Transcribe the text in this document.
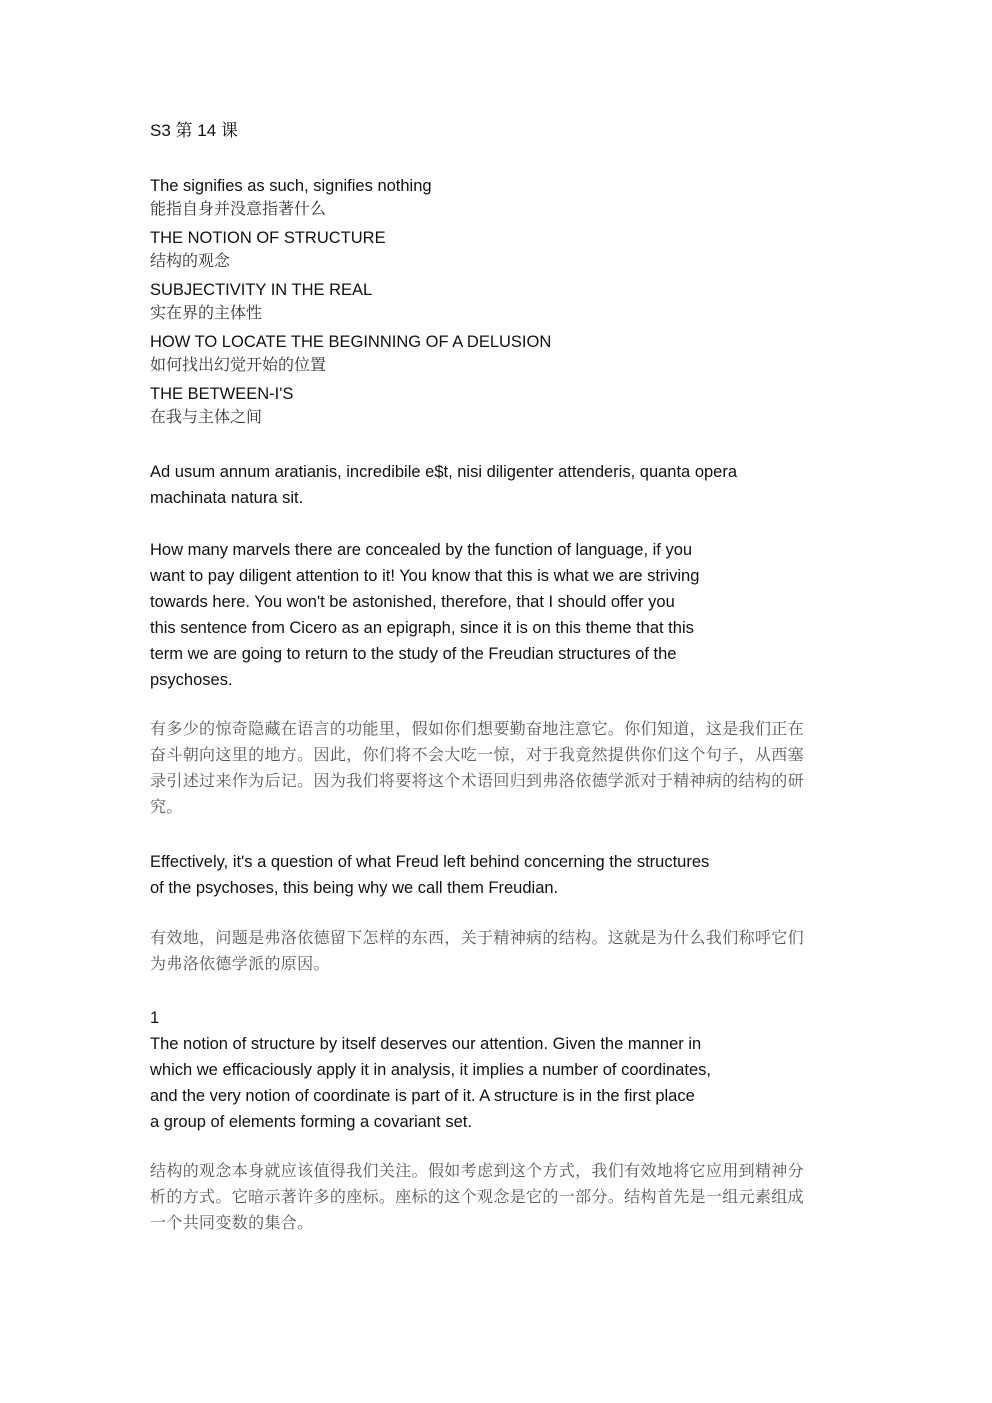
S3 第 14 课
The signifies as such, signifies nothing
能指自身并没意指著什么
THE NOTION OF STRUCTURE
结构的观念
SUBJECTIVITY IN THE REAL
实在界的主体性
HOW TO LOCATE THE BEGINNING OF A DELUSION
如何找出幻觉开始的位置
THE BETWEEN-I'S
在我与主体之间
Ad usum annum aratianis, incredibile e$t, nisi diligenter attenderis, quanta opera
machinata natura sit.
How many marvels there are concealed by the function of language, if you
want to pay diligent attention to it! You know that this is what we are striving
towards here. You won't be astonished, therefore, that I should offer you
this sentence from Cicero as an epigraph, since it is on this theme that this
term we are going to return to the study of the Freudian structures of the
psychoses.
有多少的惊奇隐藏在语言的功能里，假如你们想要勤奋地注意它。你们知道，这是我们正在
奋斗朝向这里的地方。因此，你们将不会大吃一惊，对于我竟然提供你们这个句子，从西塞
录引述过来作为后记。因为我们将要将这个术语回归到弗洛依德学派对于精神病的结构的研
究。
Effectively, it's a question of what Freud left behind concerning the structures
of the psychoses, this being why we call them Freudian.
有效地，问题是弗洛依德留下怎样的东西，关于精神病的结构。这就是为什么我们称呼它们
为弗洛依德学派的原因。
1
The notion of structure by itself deserves our attention. Given the manner in
which we efficaciously apply it in analysis, it implies a number of coordinates,
and the very notion of coordinate is part of it. A structure is in the first place
a group of elements forming a covariant set.
结构的观念本身就应该值得我们关注。假如考虑到这个方式，我们有效地将它应用到精神分
析的方式。它暗示著许多的座标。座标的这个观念是它的一部分。结构首先是一组元素组成
一个共同变数的集合。
